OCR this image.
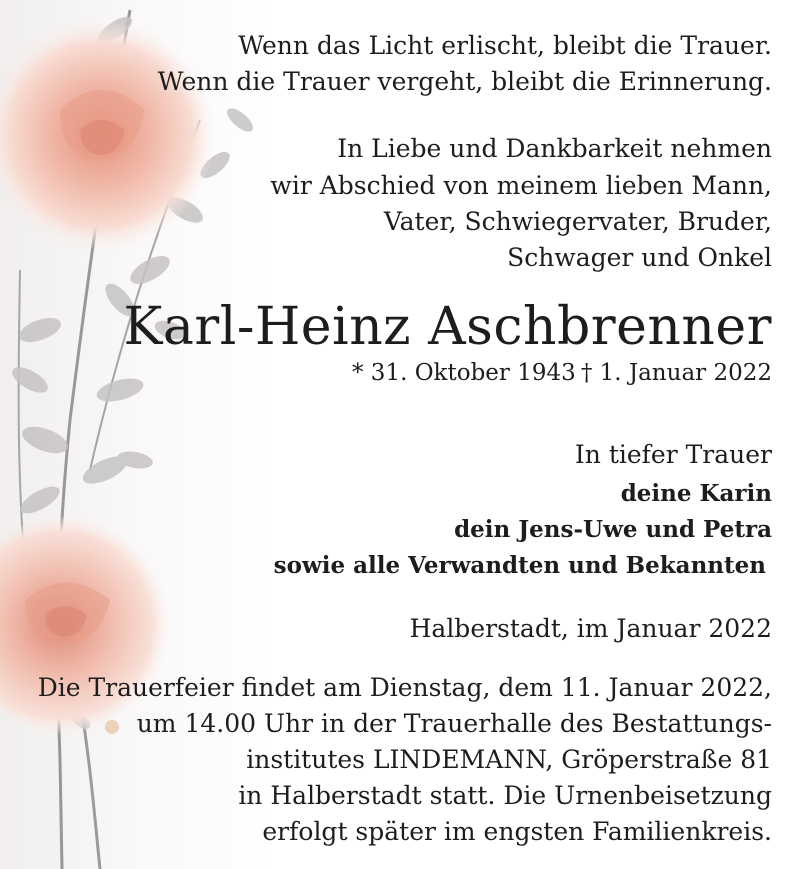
Wenn das Licht erlischt, bleibt die Trauer.

Wenn die Trauer vergeht, bleibt die Erinnerung.

In Liebe und Dankbarkeit nehmen

wir Abschied von meinem lieben Mann,

Vater, Schwiegervater, Bruder,

Schwager und Onkel

Karl-Heinz Aschbrenner
* 31. Oktober 1943 † 1. Januar 2022

In tiefer Trauer

deine Karin

dein Jens-Uwe und Petra

sowie alle Verwandten und Bekannten

Halberstadt, im Januar 2022

Die Trauerfeier findet am Dienstag, dem 11. Januar 2022,

um 14.00 Uhr in der Trauerhalle des Bestattungs-

institutes LINDEMANN, Gröperstraße 81

in Halberstadt statt. Die Urnenbeisetzung

erfolgt später im engsten Familienkreis.
